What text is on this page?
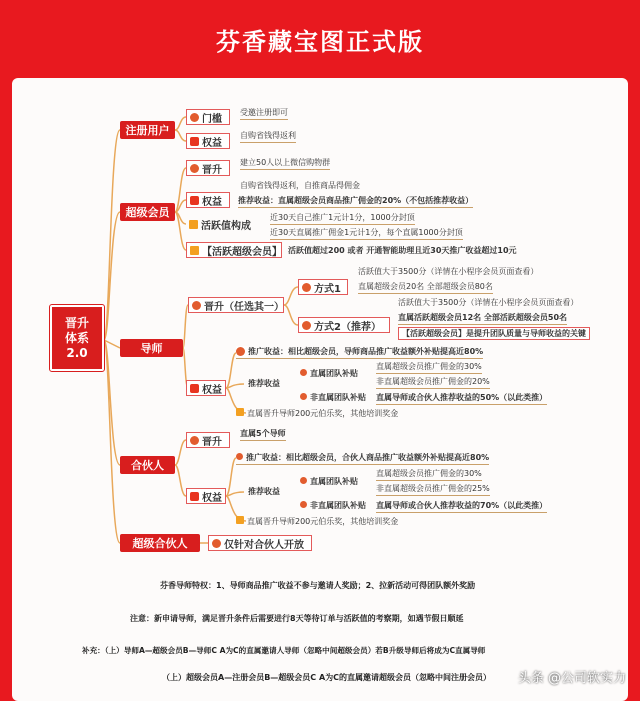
芬香藏宝图正式版
晋升
体系
2.0
注册用户
超级会员
导师
合伙人
超级合伙人
门槛
受邀注册即可
权益
自购省钱得返利
晋升
建立50人以上微信购物群
权益
自购省钱得返利，自推商品得佣金
推荐收益：直属超级会员商品推广佣金的20%（不包括推荐收益）
活跃值构成
近30天自己推广1元计1分，1000分封顶
近30天直属推广佣金1元计1分，每个直属1000分封顶
【活跃超级会员】 活跃值超过200 或者 开通智能助理且近30天推广收益超过10元
晋升（任选其一）
方式1
活跃值大于3500分（详情在小程序会员页面查看）
直属超级会员20名 全部超级会员80名
方式2（推荐）
活跃值大于3500分（详情在小程序会员页面查看）
直属活跃超级会员12名 全部活跃超级会员50名
【活跃超级会员】是提升团队质量与导师收益的关键
权益
推广收益：相比超级会员，导师商品推广收益额外补贴提高近80%
推荐收益
直属团队补贴
直属超级会员推广佣金的30%
非直属超级会员推广佣金的20%
非直属团队补贴 直属导师或合伙人推荐收益的50%（以此类推）
直属晋升导师200元伯乐奖，其他培训奖金
晋升
直属5个导师
权益
推广收益：相比超级会员，合伙人商品推广收益额外补贴提高近80%
推荐收益
直属团队补贴
直属超级会员推广佣金的30%
非直属超级会员推广佣金的25%
非直属团队补贴 直属导师或合伙人推荐收益的70%（以此类推）
直属晋升导师200元伯乐奖，其他培训奖金
仅针对合伙人开放
芬香导师特权：1、导师商品推广收益不参与邀请人奖励；2、拉新活动可得团队额外奖励
注意：新申请导师，满足晋升条件后需要进行8天等待订单与活跃值的考察期，如遇节假日顺延
补充：（上）导师A—超级会员B—导师C A为C的直属邀请人导师（忽略中间超级会员）若B升级导师后将成为C直属导师
（上）超级会员A—注册会员B—超级会员C A为C的直属邀请超级会员（忽略中间注册会员） 头条 @公司软实力
